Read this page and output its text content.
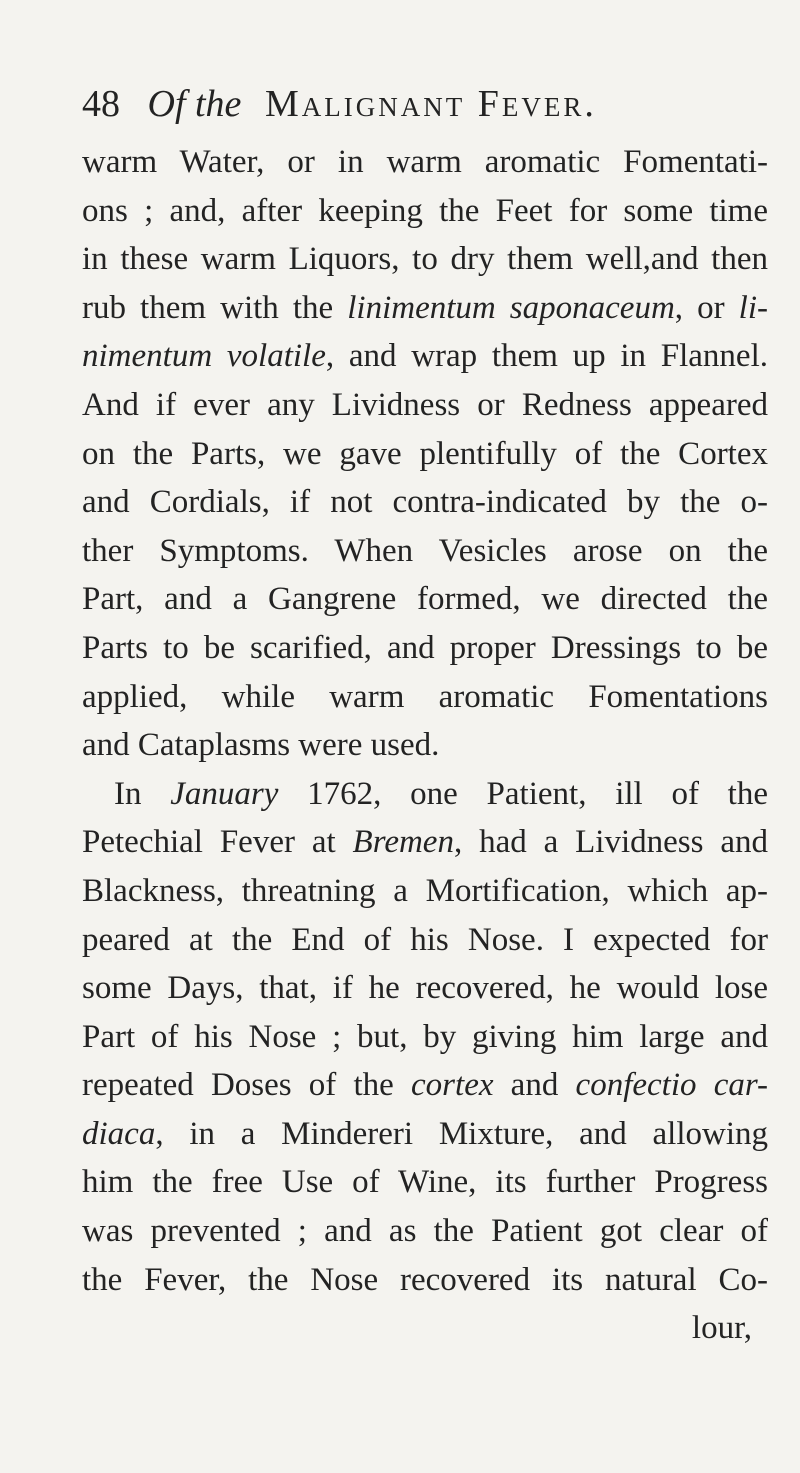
48 Of the Malignant Fever.
warm Water, or in warm aromatic Fomentati-
ons ; and, after keeping the Feet for some time
in these warm Liquors, to dry them well,and then
rub them with the linimentum saponaceum, or li-
nimentum volatile, and wrap them up in Flannel.
And if ever any Lividness or Redness appeared
on the Parts, we gave plentifully of the Cortex
and Cordials, if not contra-indicated by the o-
ther Symptoms. When Vesicles arose on the
Part, and a Gangrene formed, we directed the
Parts to be scarified, and proper Dressings to be
applied, while warm aromatic Fomentations
and Cataplasms were used.
In January 1762, one Patient, ill of the
Petechial Fever at Bremen, had a Lividness and
Blackness, threatning a Mortification, which ap-
peared at the End of his Nose. I expected for
some Days, that, if he recovered, he would lose
Part of his Nose ; but, by giving him large and
repeated Doses of the cortex and confectio car-
diaca, in a Mindereri Mixture, and allowing
him the free Use of Wine, its further Progress
was prevented ; and as the Patient got clear of
the Fever, the Nose recovered its natural Co-
lour,
